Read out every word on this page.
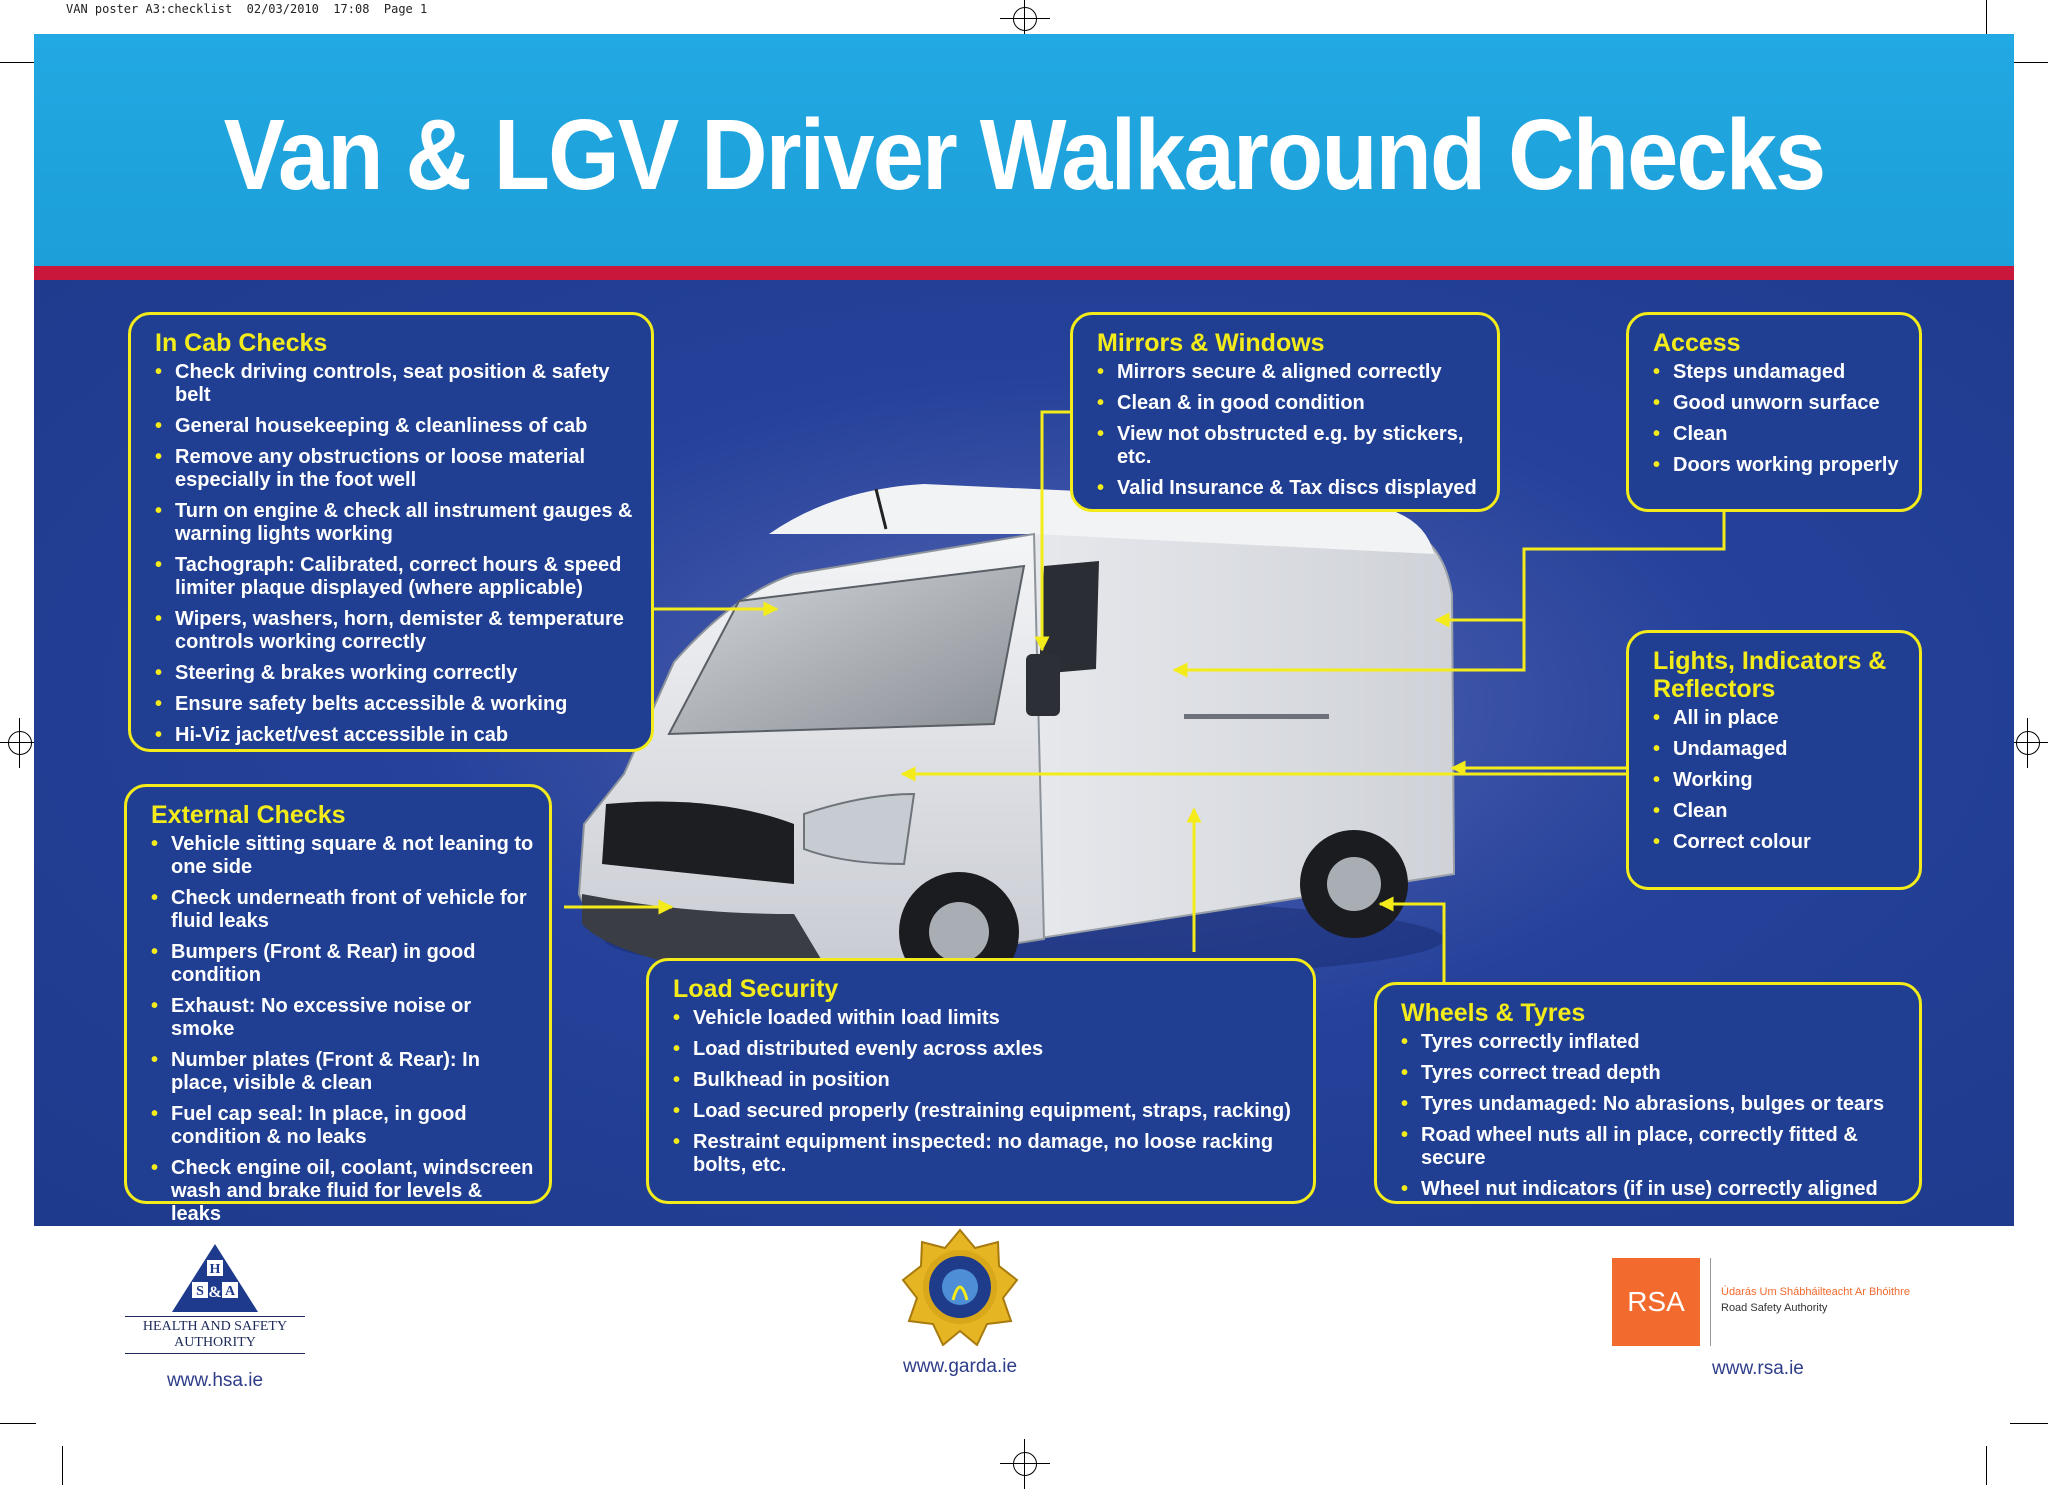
VAN poster A3:checklist  02/03/2010  17:08  Page 1
Van & LGV Driver Walkaround Checks
In Cab Checks
• Check driving controls, seat position & safety belt
• General housekeeping & cleanliness of cab
• Remove any obstructions or loose material especially in the foot well
• Turn on engine & check all instrument gauges & warning lights working
• Tachograph: Calibrated, correct hours & speed limiter plaque displayed (where applicable)
• Wipers, washers, horn, demister & temperature controls working correctly
• Steering & brakes working correctly
• Ensure safety belts accessible & working
• Hi-Viz jacket/vest accessible in cab
Mirrors & Windows
• Mirrors secure & aligned correctly
• Clean & in good condition
• View not obstructed e.g. by stickers, etc.
• Valid Insurance & Tax discs displayed
Access
• Steps undamaged
• Good unworn surface
• Clean
• Doors working properly
Lights, Indicators & Reflectors
• All in place
• Undamaged
• Working
• Clean
• Correct colour
External Checks
• Vehicle sitting square & not leaning to one side
• Check underneath front of vehicle for fluid leaks
• Bumpers (Front & Rear) in good condition
• Exhaust: No excessive noise or smoke
• Number plates (Front & Rear): In place, visible & clean
• Fuel cap seal: In place, in good condition & no leaks
• Check engine oil, coolant, windscreen wash and brake fluid for levels & leaks
Load Security
• Vehicle loaded within load limits
• Load distributed evenly across axles
• Bulkhead in position
• Load secured properly (restraining equipment, straps, racking)
• Restraint equipment inspected: no damage, no loose racking bolts, etc.
Wheels & Tyres
• Tyres correctly inflated
• Tyres correct tread depth
• Tyres undamaged: No abrasions, bulges or tears
• Road wheel nuts all in place, correctly fitted & secure
• Wheel nut indicators (if in use) correctly aligned
H
S & A
HEALTH AND SAFETY
AUTHORITY
www.hsa.ie
www.garda.ie
RSA	Údarás Um Shábháilteacht Ar Bhóithre
Road Safety Authority
www.rsa.ie
